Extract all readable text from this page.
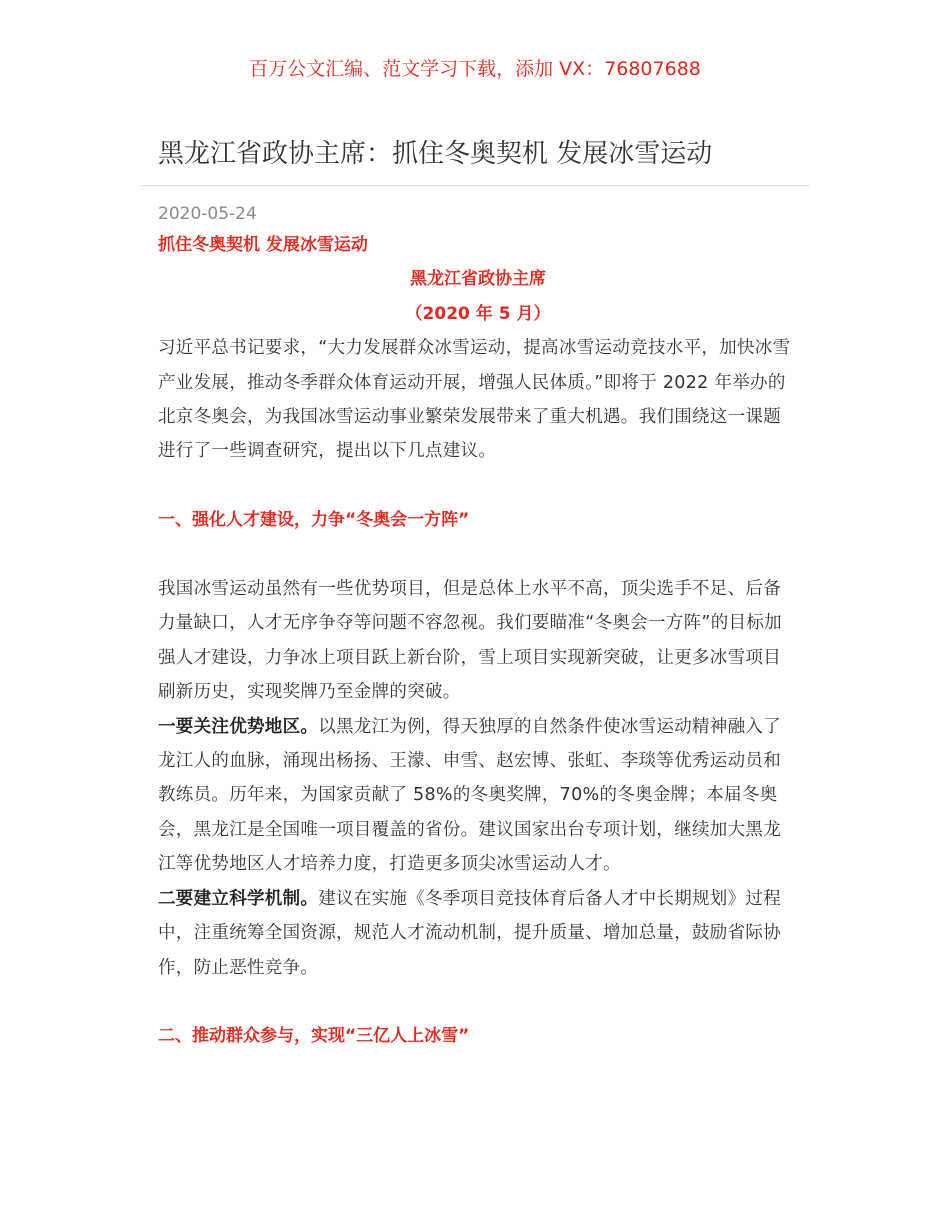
百万公文汇编、范文学习下载，添加 VX：76807688
黑龙江省政协主席：抓住冬奥契机 发展冰雪运动
2020-05-24
抓住冬奥契机 发展冰雪运动
黑龙江省政协主席
（2020 年 5 月）

习近平总书记要求，“大力发展群众冰雪运动，提高冰雪运动竞技水平，加快冰雪产业发展，推动冬季群众体育运动开展，增强人民体质。”即将于 2022 年举办的北京冬奥会，为我国冰雪运动事业繁荣发展带来了重大机遇。我们围绕这一课题进行了一些调查研究，提出以下几点建议。

一、强化人才建设，力争“冬奥会一方阵”

我国冰雪运动虽然有一些优势项目，但是总体上水平不高，顶尖选手不足、后备力量缺口，人才无序争夺等问题不容忽视。我们要瞄准“冬奥会一方阵”的目标加强人才建设，力争冰上项目跃上新台阶，雪上项目实现新突破，让更多冰雪项目刷新历史，实现奖牌乃至金牌的突破。

一要关注优势地区。以黑龙江为例，得天独厚的自然条件使冰雪运动精神融入了龙江人的血脉，涌现出杨扬、王濛、申雪、赵宏博、张虹、李琰等优秀运动员和教练员。历年来，为国家贡献了 58%的冬奥奖牌，70%的冬奥金牌；本届冬奥会，黑龙江是全国唯一项目覆盖的省份。建议国家出台专项计划，继续加大黑龙江等优势地区人才培养力度，打造更多顶尖冰雪运动人才。

二要建立科学机制。建议在实施《冬季项目竞技体育后备人才中长期规划》过程中，注重统筹全国资源，规范人才流动机制，提升质量、增加总量，鼓励省际协作，防止恶性竞争。

二、推动群众参与，实现“三亿人上冰雪”
